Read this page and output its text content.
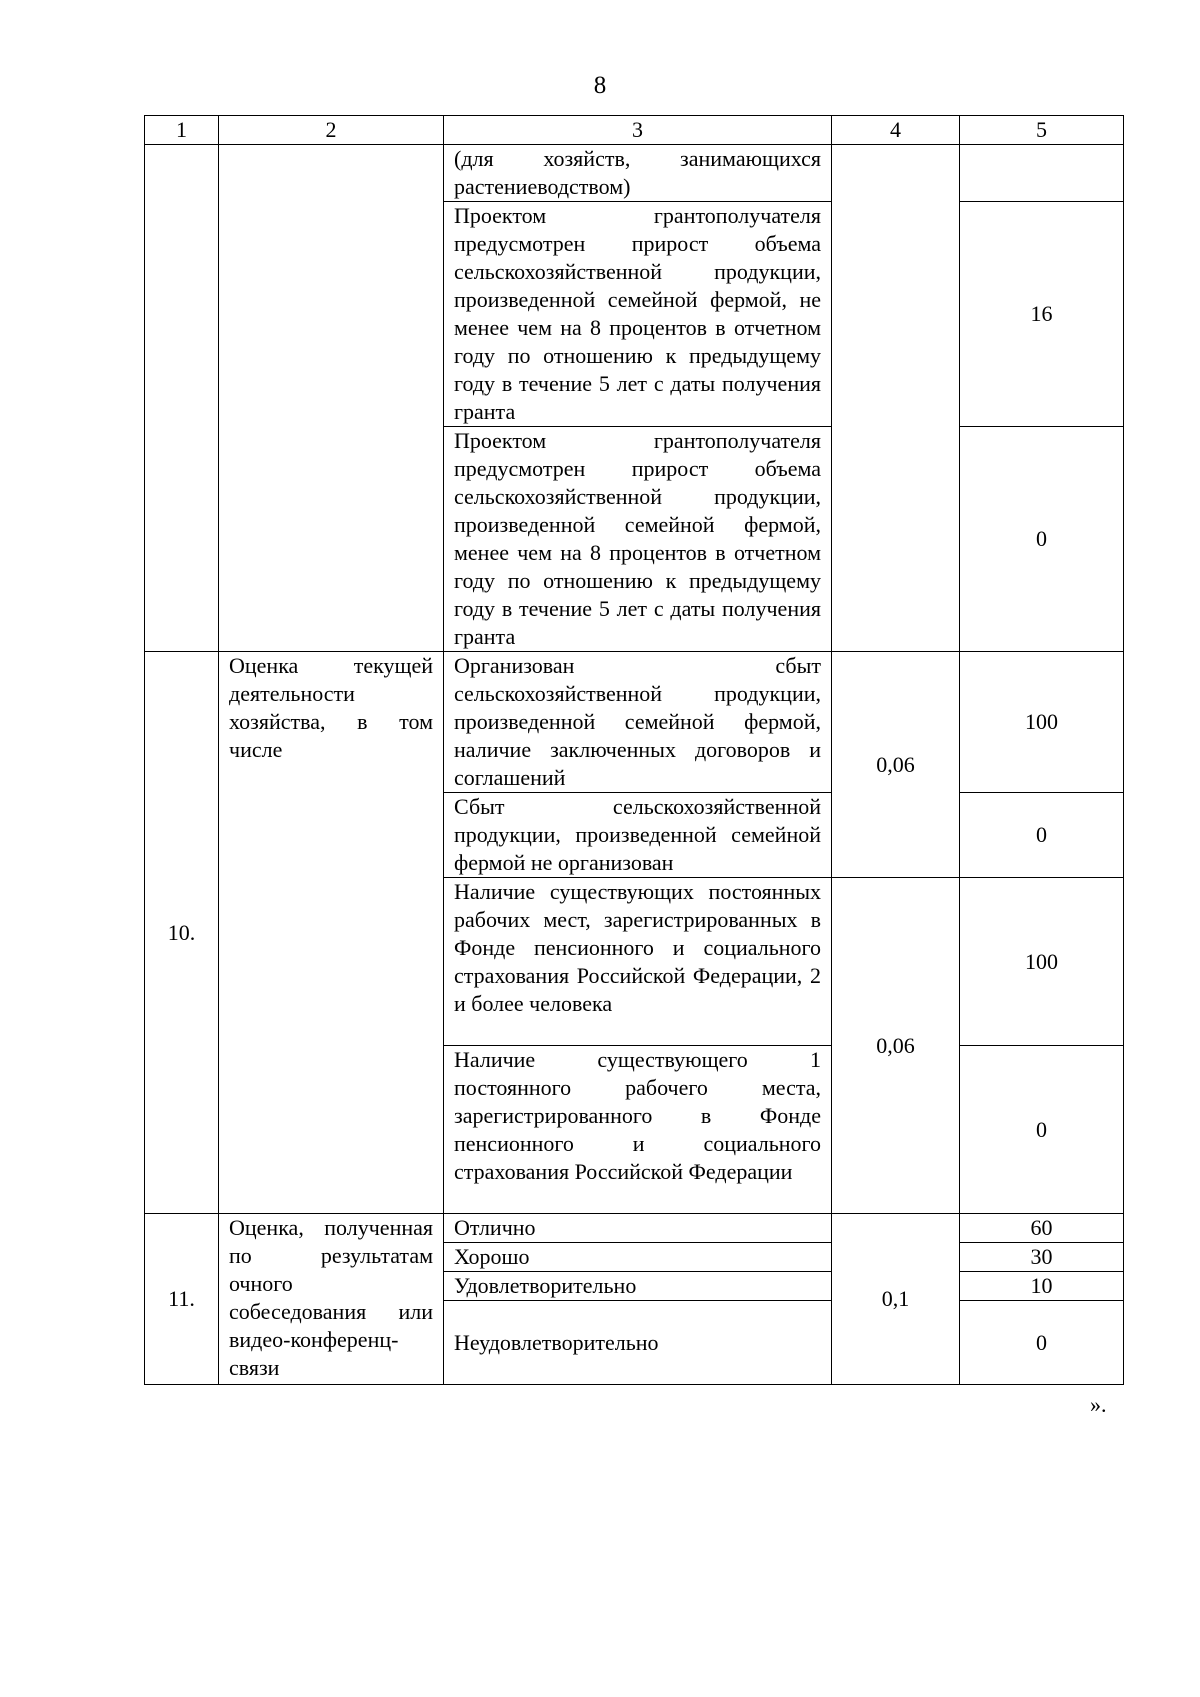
8
1	2	3	4	5
		(для хозяйств, занимающихся растениеводством)		
		Проектом грантополучателя предусмотрен прирост объема сельскохозяйственной продукции, произведенной семейной фермой, не менее чем на 8 процентов в отчетном году по отношению к предыдущему году в течение 5 лет с даты получения гранта		16
		Проектом грантополучателя предусмотрен прирост объема сельскохозяйственной продукции, произведенной семейной фермой, менее чем на 8 процентов в отчетном году по отношению к предыдущему году в течение 5 лет с даты получения гранта		0
10.	Оценка текущей деятельности хозяйства, в том числе	Организован сбыт сельскохозяйственной продукции, произведенной семейной фермой, наличие заключенных договоров и соглашений	0,06	100
		Сбыт сельскохозяйственной продукции, произведенной семейной фермой не организован		0
		Наличие существующих постоянных рабочих мест, зарегистрированных в Фонде пенсионного и социального страхования Российской Федерации, 2 и более человека	0,06	100
		Наличие существующего 1 постоянного рабочего места, зарегистрированного в Фонде пенсионного и социального страхования Российской Федерации		0
11.	Оценка, полученная по результатам очного собеседования или видео-конференц-связи	Отлично	0,1	60
		Хорошо		30
		Удовлетворительно		10
		Неудовлетворительно		0
».
